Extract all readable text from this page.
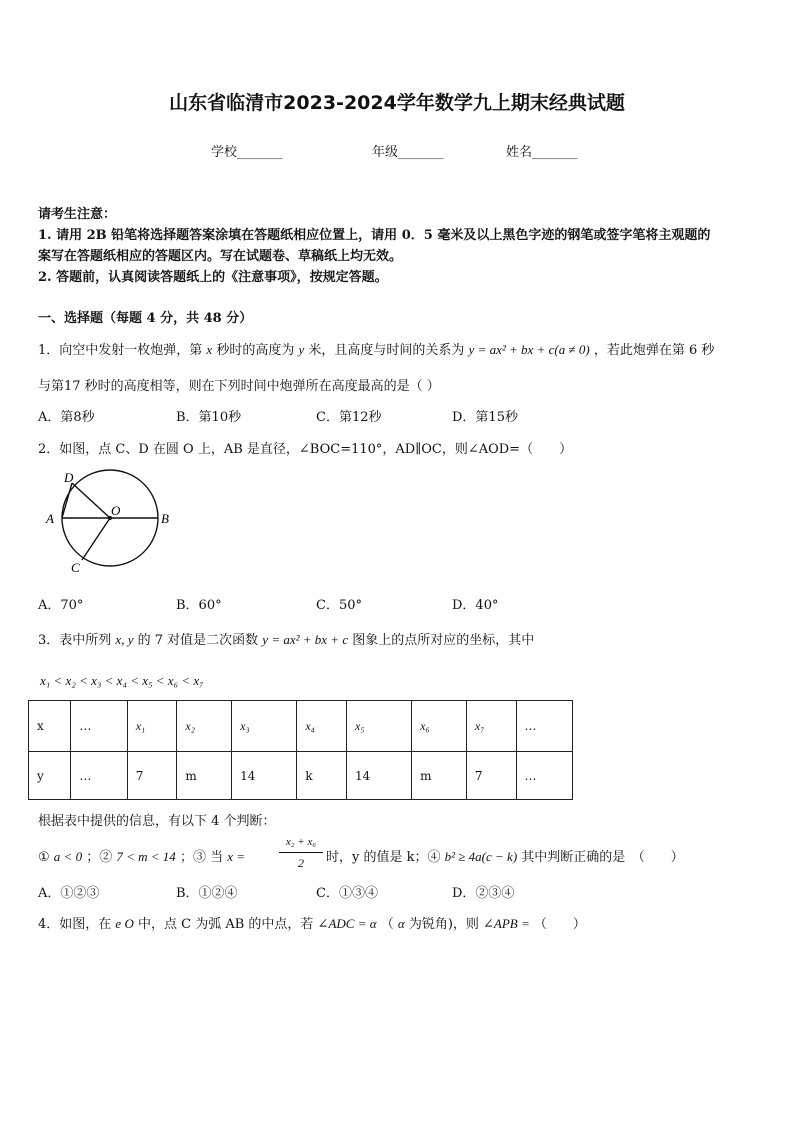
山东省临清市2023-2024学年数学九上期末经典试题
学校_______	年级_______	姓名_______
请考生注意：
1. 请用 2B 铅笔将选择题答案涂填在答题纸相应位置上，请用 0．5 毫米及以上黑色字迹的钢笔或签字笔将主观题的
案写在答题纸相应的答题区内。写在试题卷、草稿纸上均无效。
2. 答题前，认真阅读答题纸上的《注意事项》，按规定答题。
一、选择题（每题 4 分，共 48 分）
1．向空中发射一枚炮弹，第 x 秒时的高度为 y 米，且高度与时间的关系为 y = ax² + bx + c(a ≠ 0) ，若此炮弹在第 6 秒
与第17 秒时的高度相等，则在下列时间中炮弹所在高度最高的是（ ）
A．第8秒	B．第10秒	C．第12秒	D．第15秒
2．如图，点 C、D 在圆 O 上，AB 是直径，∠BOC=110°，AD∥OC，则∠AOD=（　　）
D
A
O
B
C
A．70°	B．60°	C．50°	D．40°
3．表中所列 x, y 的 7 对值是二次函数 y = ax² + bx + c 图象上的点所对应的坐标，其中
x₁ < x₂ < x₃ < x₄ < x₅ < x₆ < x₇
x	…	x₁	x₂	x₃	x₄	x₅	x₆	x₇	…
y	…	7	m	14	k	14	m	7	…
根据表中提供的信息，有以下 4 个判断：
① a < 0 ；② 7 < m < 14 ；③ 当 x =
x₂ + x₆
2	时，y 的值是 k；④ b² ≥ 4a(c − k) 其中判断正确的是　（　　）
A．①②③	B．①②④	C．①③④	D．②③④
4．如图，在 e O 中，点 C 为弧 AB 的中点，若 ∠ADC = α （ α 为锐角)，则 ∠APB = （　　）
